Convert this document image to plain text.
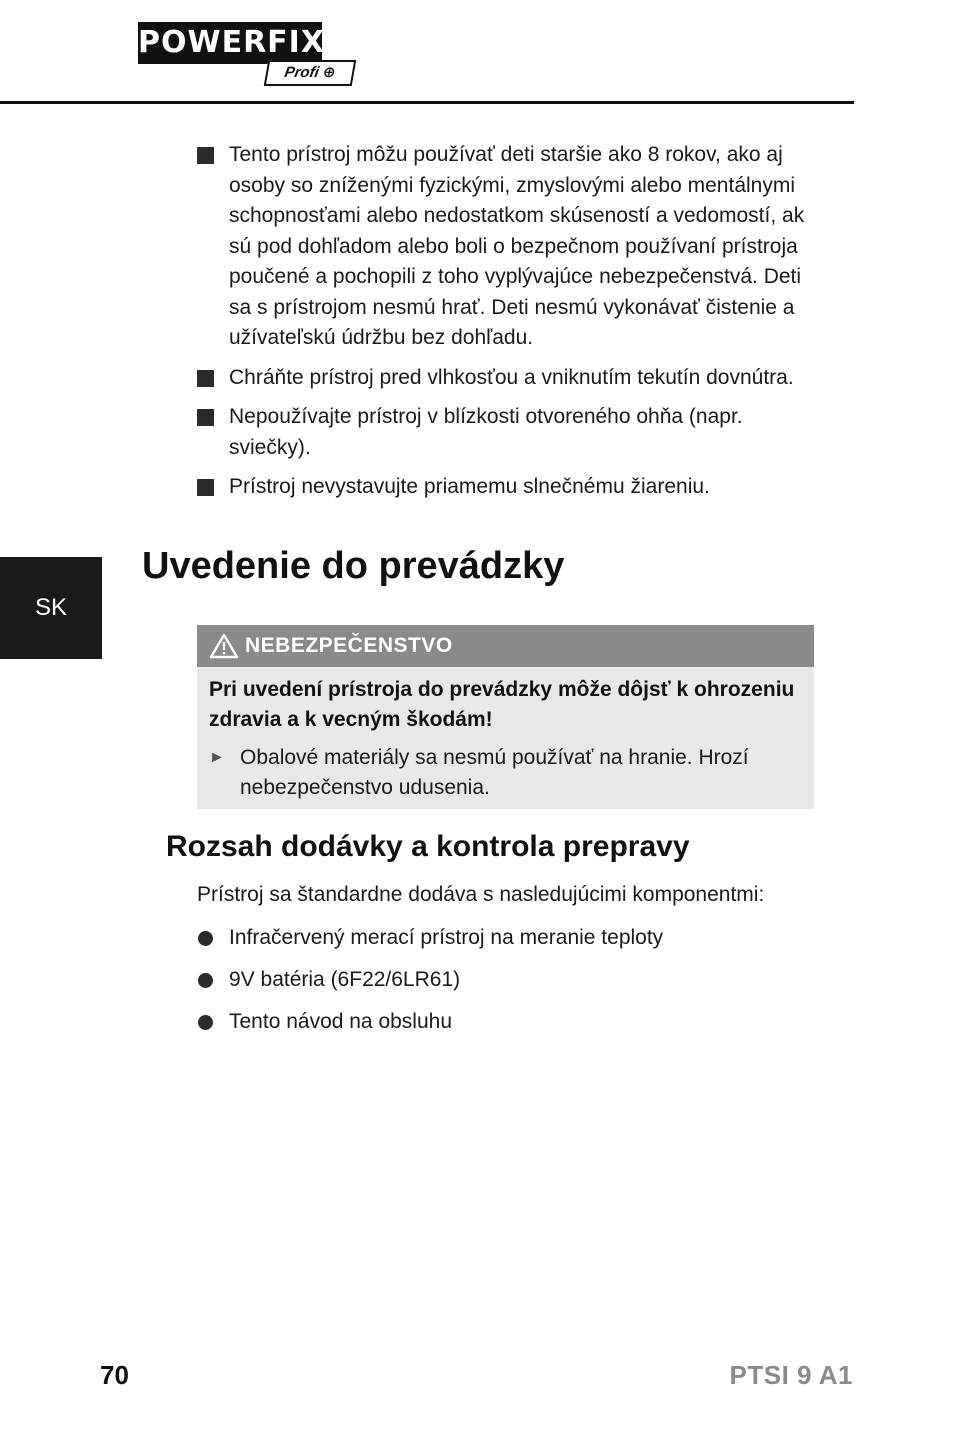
POWERFIX
Profi ⊕
Tento prístroj môžu používať deti staršie ako 8 rokov, ako aj osoby so zníženými fyzickými, zmyslovými alebo mentálnymi schopnosťami alebo nedostatkom skúseností a vedomostí, ak sú pod dohľadom alebo boli o bezpečnom používaní prístroja poučené a pochopili z toho vyplývajúce nebezpečenstvá. Deti sa s prístrojom nesmú hrať. Deti nesmú vykonávať čistenie a užívateľskú údržbu bez dohľadu.
Chráňte prístroj pred vlhkosťou a vniknutím tekutín dovnútra.
Nepoužívajte prístroj v blízkosti otvoreného ohňa (napr. sviečky).
Prístroj nevystavujte priamemu slnečnému žiareniu.
SK
Uvedenie do prevádzky
NEBEZPEČENSTVO
Pri uvedení prístroja do prevádzky môže dôjsť k ohrozeniu zdravia a k vecným škodám!
► Obalové materiály sa nesmú používať na hranie. Hrozí nebezpečenstvo udusenia.
Rozsah dodávky a kontrola prepravy

Prístroj sa štandardne dodáva s nasledujúcimi komponentmi:

Infračervený merací prístroj na meranie teploty
9V batéria (6F22/6LR61)
Tento návod na obsluhu
70	PTSI 9 A1
